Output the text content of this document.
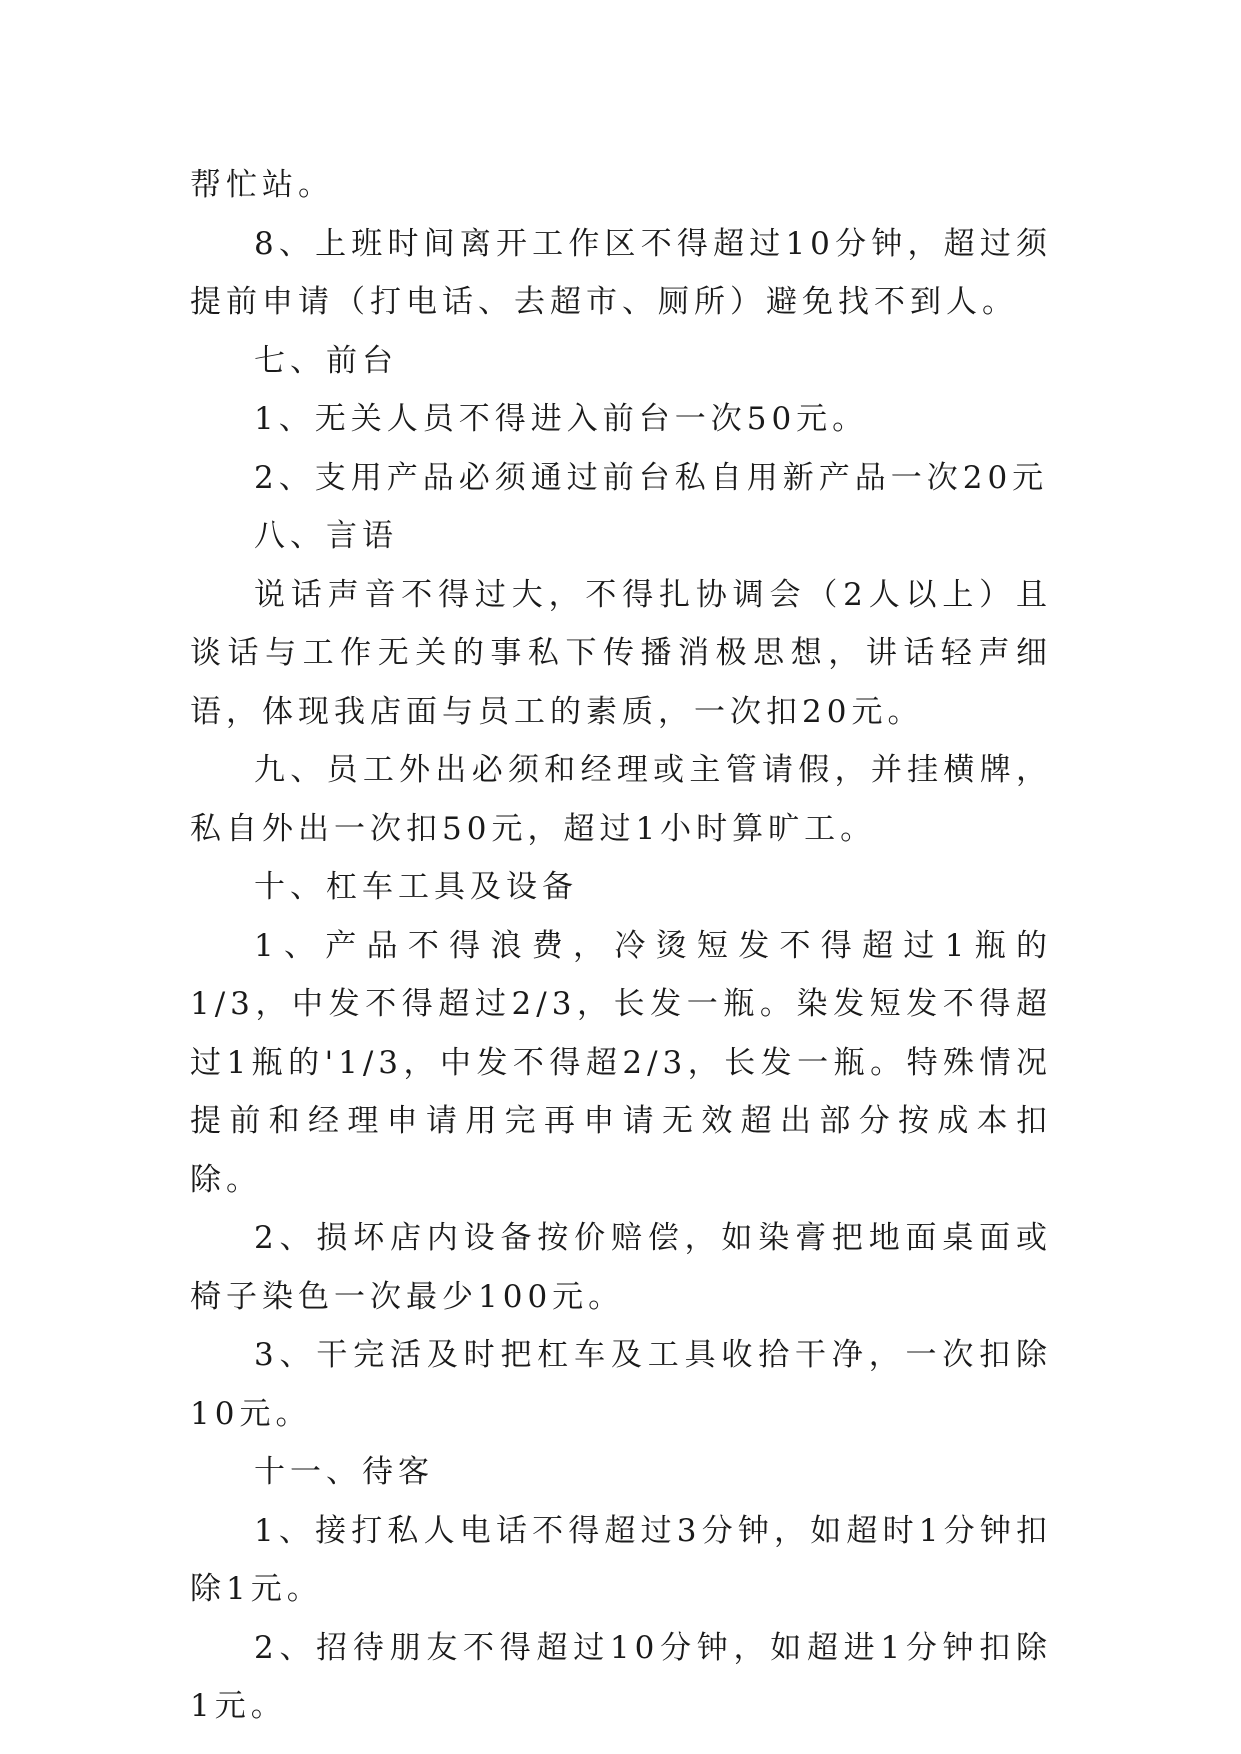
帮忙站。

8、上班时间离开工作区不得超过10分钟，超过须提前申请（打电话、去超市、厕所）避免找不到人。

七、前台

1、无关人员不得进入前台一次50元。

2、支用产品必须通过前台私自用新产品一次20元

八、言语

说话声音不得过大，不得扎协调会（2人以上）且谈话与工作无关的事私下传播消极思想，讲话轻声细语，体现我店面与员工的素质，一次扣20元。

九、员工外出必须和经理或主管请假，并挂横牌，私自外出一次扣50元，超过1小时算旷工。

十、杠车工具及设备

1、产品不得浪费，冷烫短发不得超过1瓶的1/3，中发不得超过2/3，长发一瓶。染发短发不得超过1瓶的'1/3，中发不得超2/3，长发一瓶。特殊情况提前和经理申请用完再申请无效超出部分按成本扣除。

2、损坏店内设备按价赔偿，如染膏把地面桌面或椅子染色一次最少100元。

3、干完活及时把杠车及工具收拾干净，一次扣除10元。

十一、待客

1、接打私人电话不得超过3分钟，如超时1分钟扣除1元。

2、招待朋友不得超过10分钟，如超进1分钟扣除1元。
